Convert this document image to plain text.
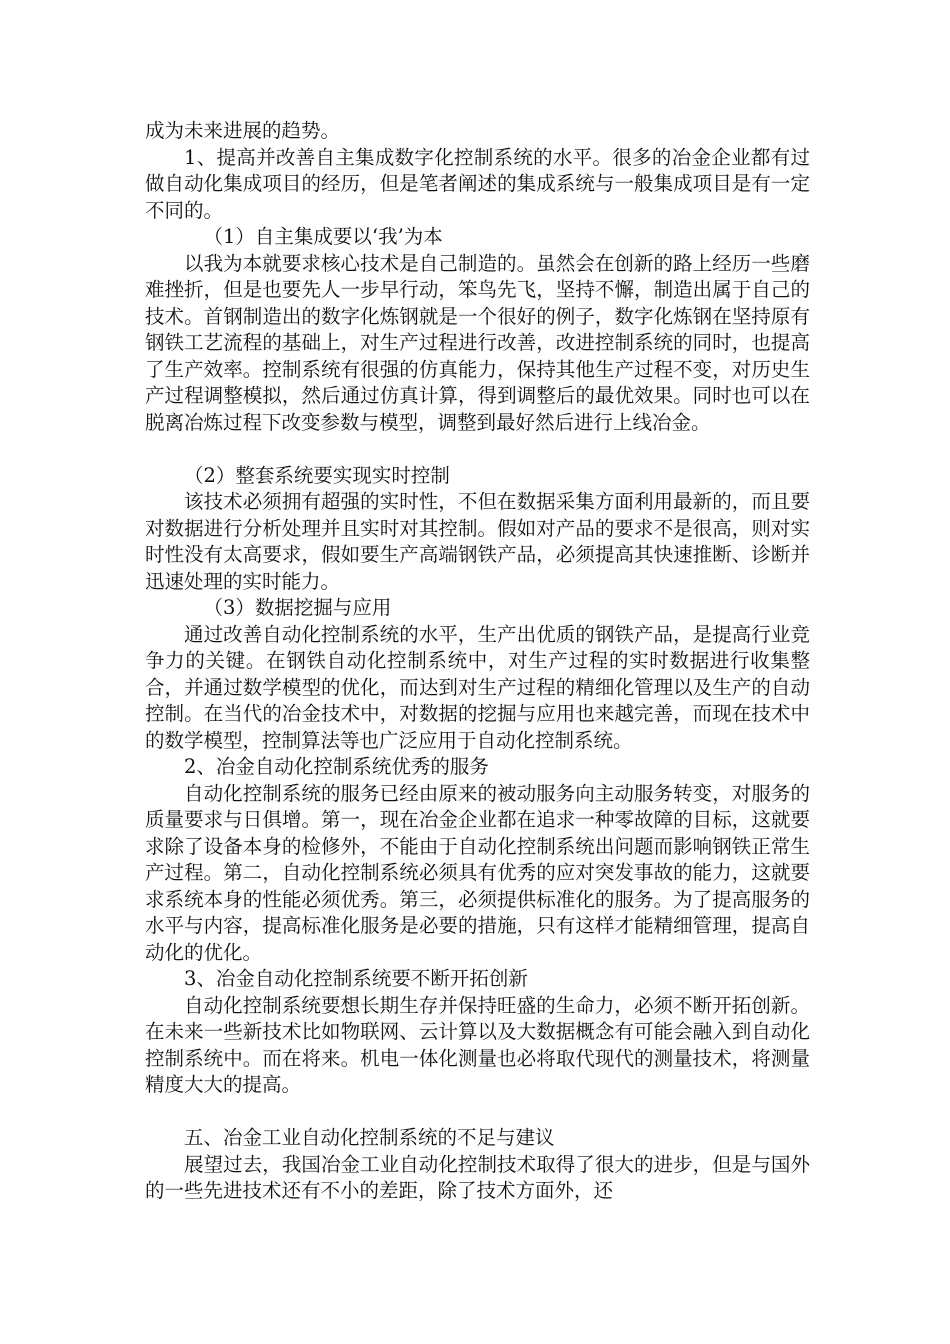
成为未来进展的趋势。

1、提高并改善自主集成数字化控制系统的水平。很多的冶金企业都有过做自动化集成项目的经历，但是笔者阐述的集成系统与一般集成项目是有一定不同的。

（1）自主集成要以‘我’为本

以我为本就要求核心技术是自己制造的。虽然会在创新的路上经历一些磨难挫折，但是也要先人一步早行动，笨鸟先飞，坚持不懈，制造出属于自己的技术。首钢制造出的数字化炼钢就是一个很好的例子，数字化炼钢在坚持原有钢铁工艺流程的基础上，对生产过程进行改善，改进控制系统的同时，也提高了生产效率。控制系统有很强的仿真能力，保持其他生产过程不变，对历史生产过程调整模拟，然后通过仿真计算，得到调整后的最优效果。同时也可以在脱离冶炼过程下改变参数与模型，调整到最好然后进行上线冶金。

（2）整套系统要实现实时控制

该技术必须拥有超强的实时性，不但在数据采集方面利用最新的，而且要对数据进行分析处理并且实时对其控制。假如对产品的要求不是很高，则对实时性没有太高要求，假如要生产高端钢铁产品，必须提高其快速推断、诊断并迅速处理的实时能力。

（3）数据挖掘与应用

通过改善自动化控制系统的水平，生产出优质的钢铁产品，是提高行业竞争力的关键。在钢铁自动化控制系统中，对生产过程的实时数据进行收集整合，并通过数学模型的优化，而达到对生产过程的精细化管理以及生产的自动控制。在当代的冶金技术中，对数据的挖掘与应用也来越完善，而现在技术中的数学模型，控制算法等也广泛应用于自动化控制系统。

2、冶金自动化控制系统优秀的服务

自动化控制系统的服务已经由原来的被动服务向主动服务转变，对服务的质量要求与日俱增。第一，现在冶金企业都在追求一种零故障的目标，这就要求除了设备本身的检修外，不能由于自动化控制系统出问题而影响钢铁正常生产过程。第二，自动化控制系统必须具有优秀的应对突发事故的能力，这就要求系统本身的性能必须优秀。第三，必须提供标准化的服务。为了提高服务的水平与内容，提高标准化服务是必要的措施，只有这样才能精细管理，提高自动化的优化。

3、冶金自动化控制系统要不断开拓创新

自动化控制系统要想长期生存并保持旺盛的生命力，必须不断开拓创新。在未来一些新技术比如物联网、云计算以及大数据概念有可能会融入到自动化控制系统中。而在将来。机电一体化测量也必将取代现代的测量技术，将测量精度大大的提高。

五、冶金工业自动化控制系统的不足与建议

展望过去，我国冶金工业自动化控制技术取得了很大的进步，但是与国外的一些先进技术还有不小的差距，除了技术方面外，还
